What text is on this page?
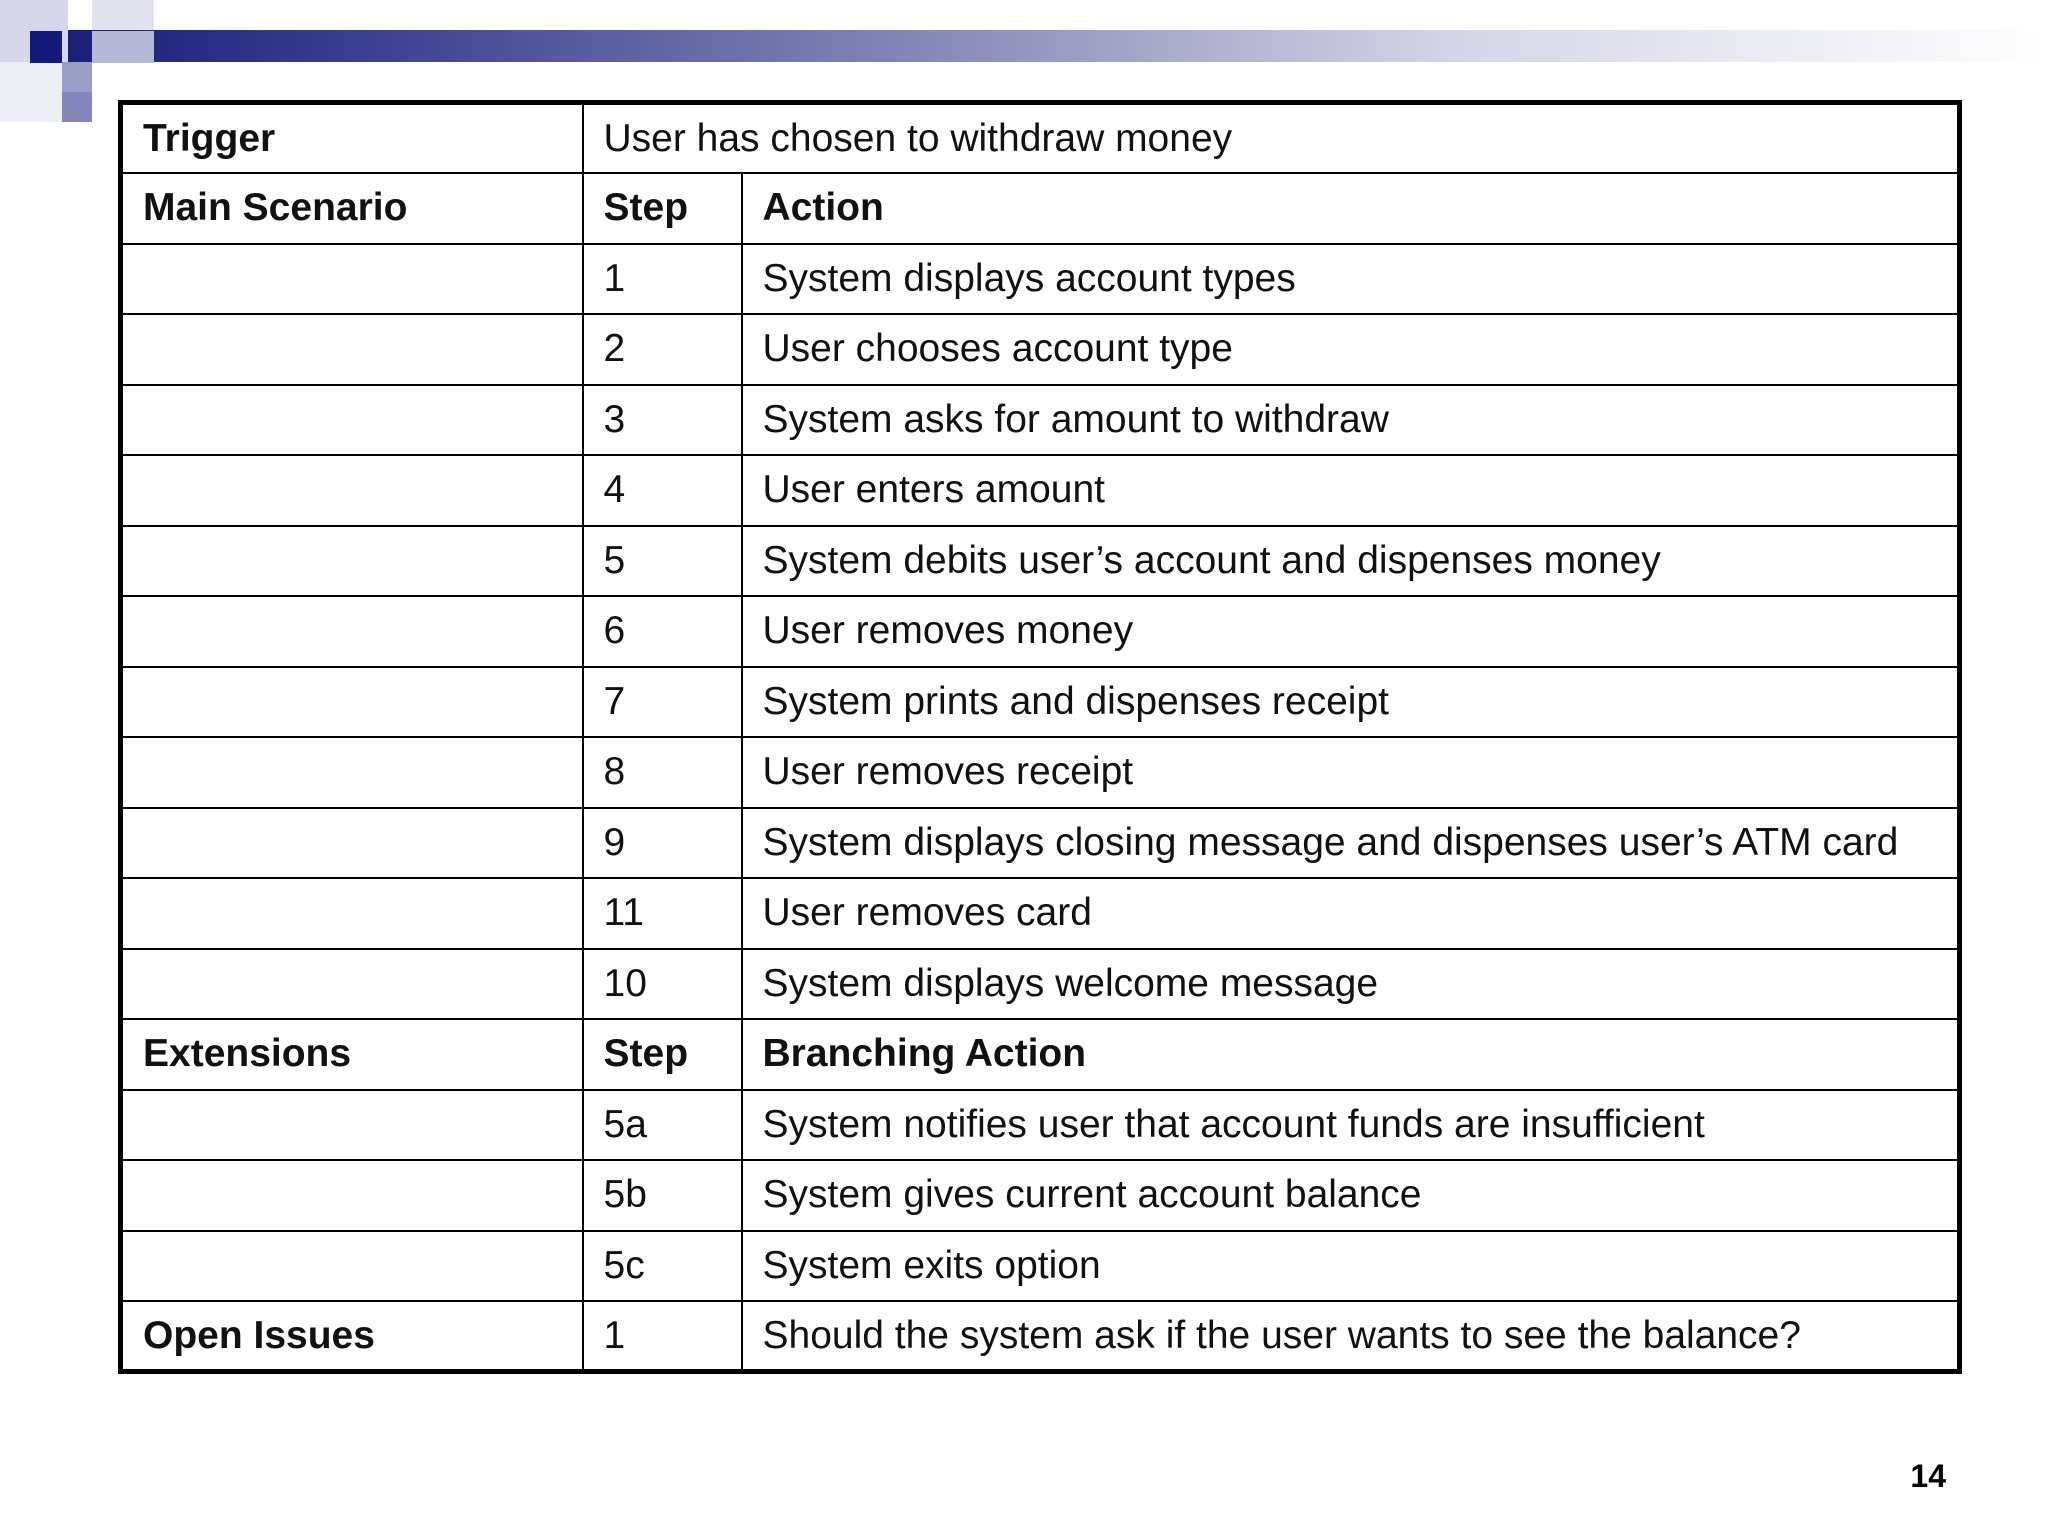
Trigger	User has chosen to withdraw money	
Main Scenario	Step	Action
	1	System displays account types
	2	User chooses account type
	3	System asks for amount to withdraw
	4	User enters amount
	5	System debits user’s account and dispenses money
	6	User removes money
	7	System prints and dispenses receipt
	8	User removes receipt
	9	System displays closing message and dispenses user’s ATM card
	11	User removes card
	10	System displays welcome message
Extensions	Step	Branching Action
	5a	System notifies user that account funds are insufficient
	5b	System gives current account balance
	5c	System exits option
Open Issues	1	Should the system ask if the user wants to see the balance?
14
